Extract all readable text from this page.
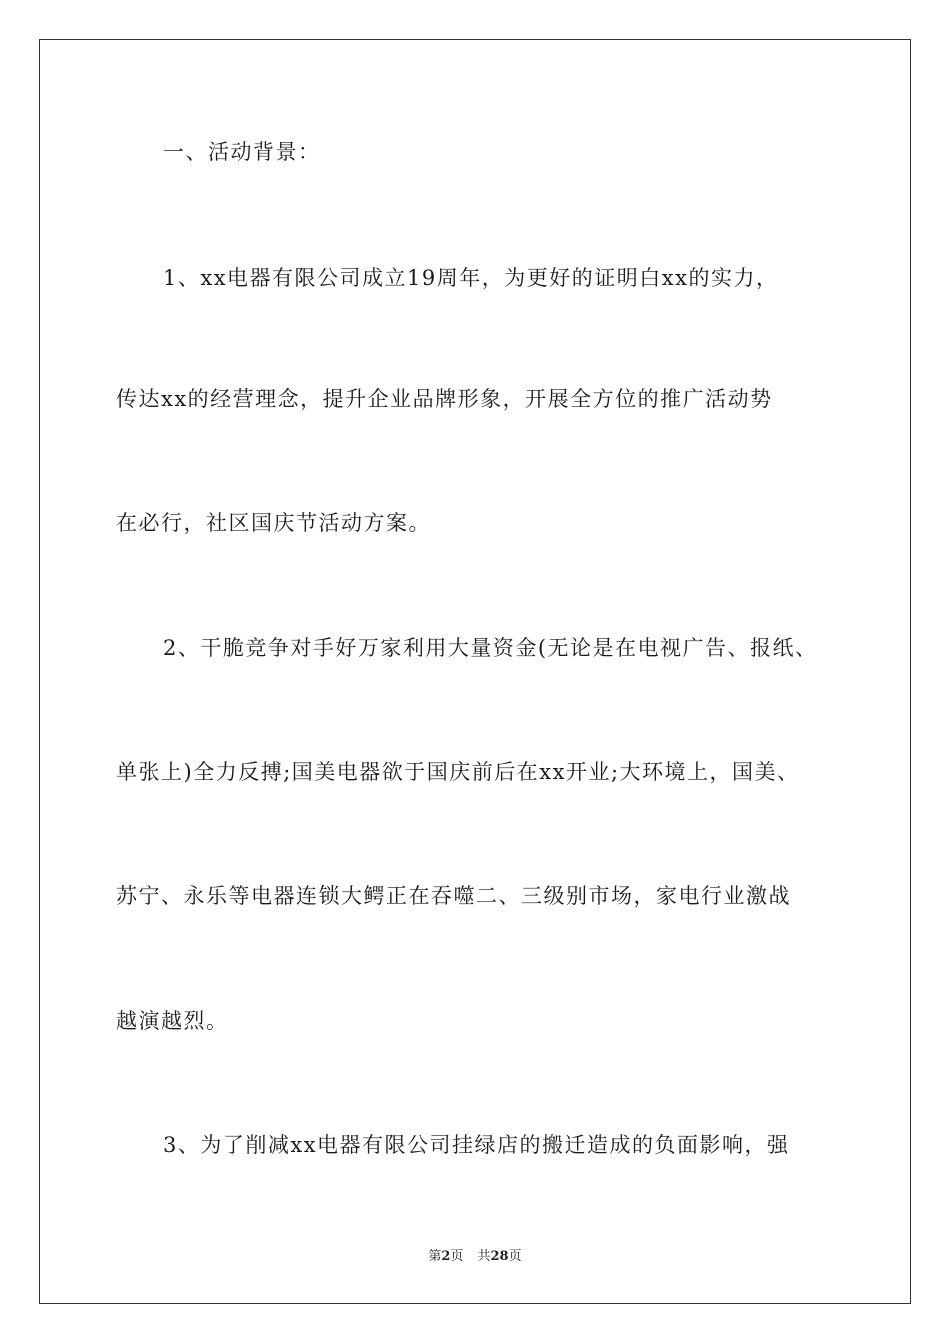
一、活动背景：
1、xx电器有限公司成立19周年，为更好的证明白xx的实力，
传达xx的经营理念，提升企业品牌形象，开展全方位的推广活动势
在必行，社区国庆节活动方案。
2、干脆竞争对手好万家利用大量资金(无论是在电视广告、报纸、
单张上)全力反搏;国美电器欲于国庆前后在xx开业;大环境上，国美、
苏宁、永乐等电器连锁大鳄正在吞噬二、三级别市场，家电行业激战
越演越烈。
3、为了削减xx电器有限公司挂绿店的搬迁造成的负面影响，强
第2页 共28页
